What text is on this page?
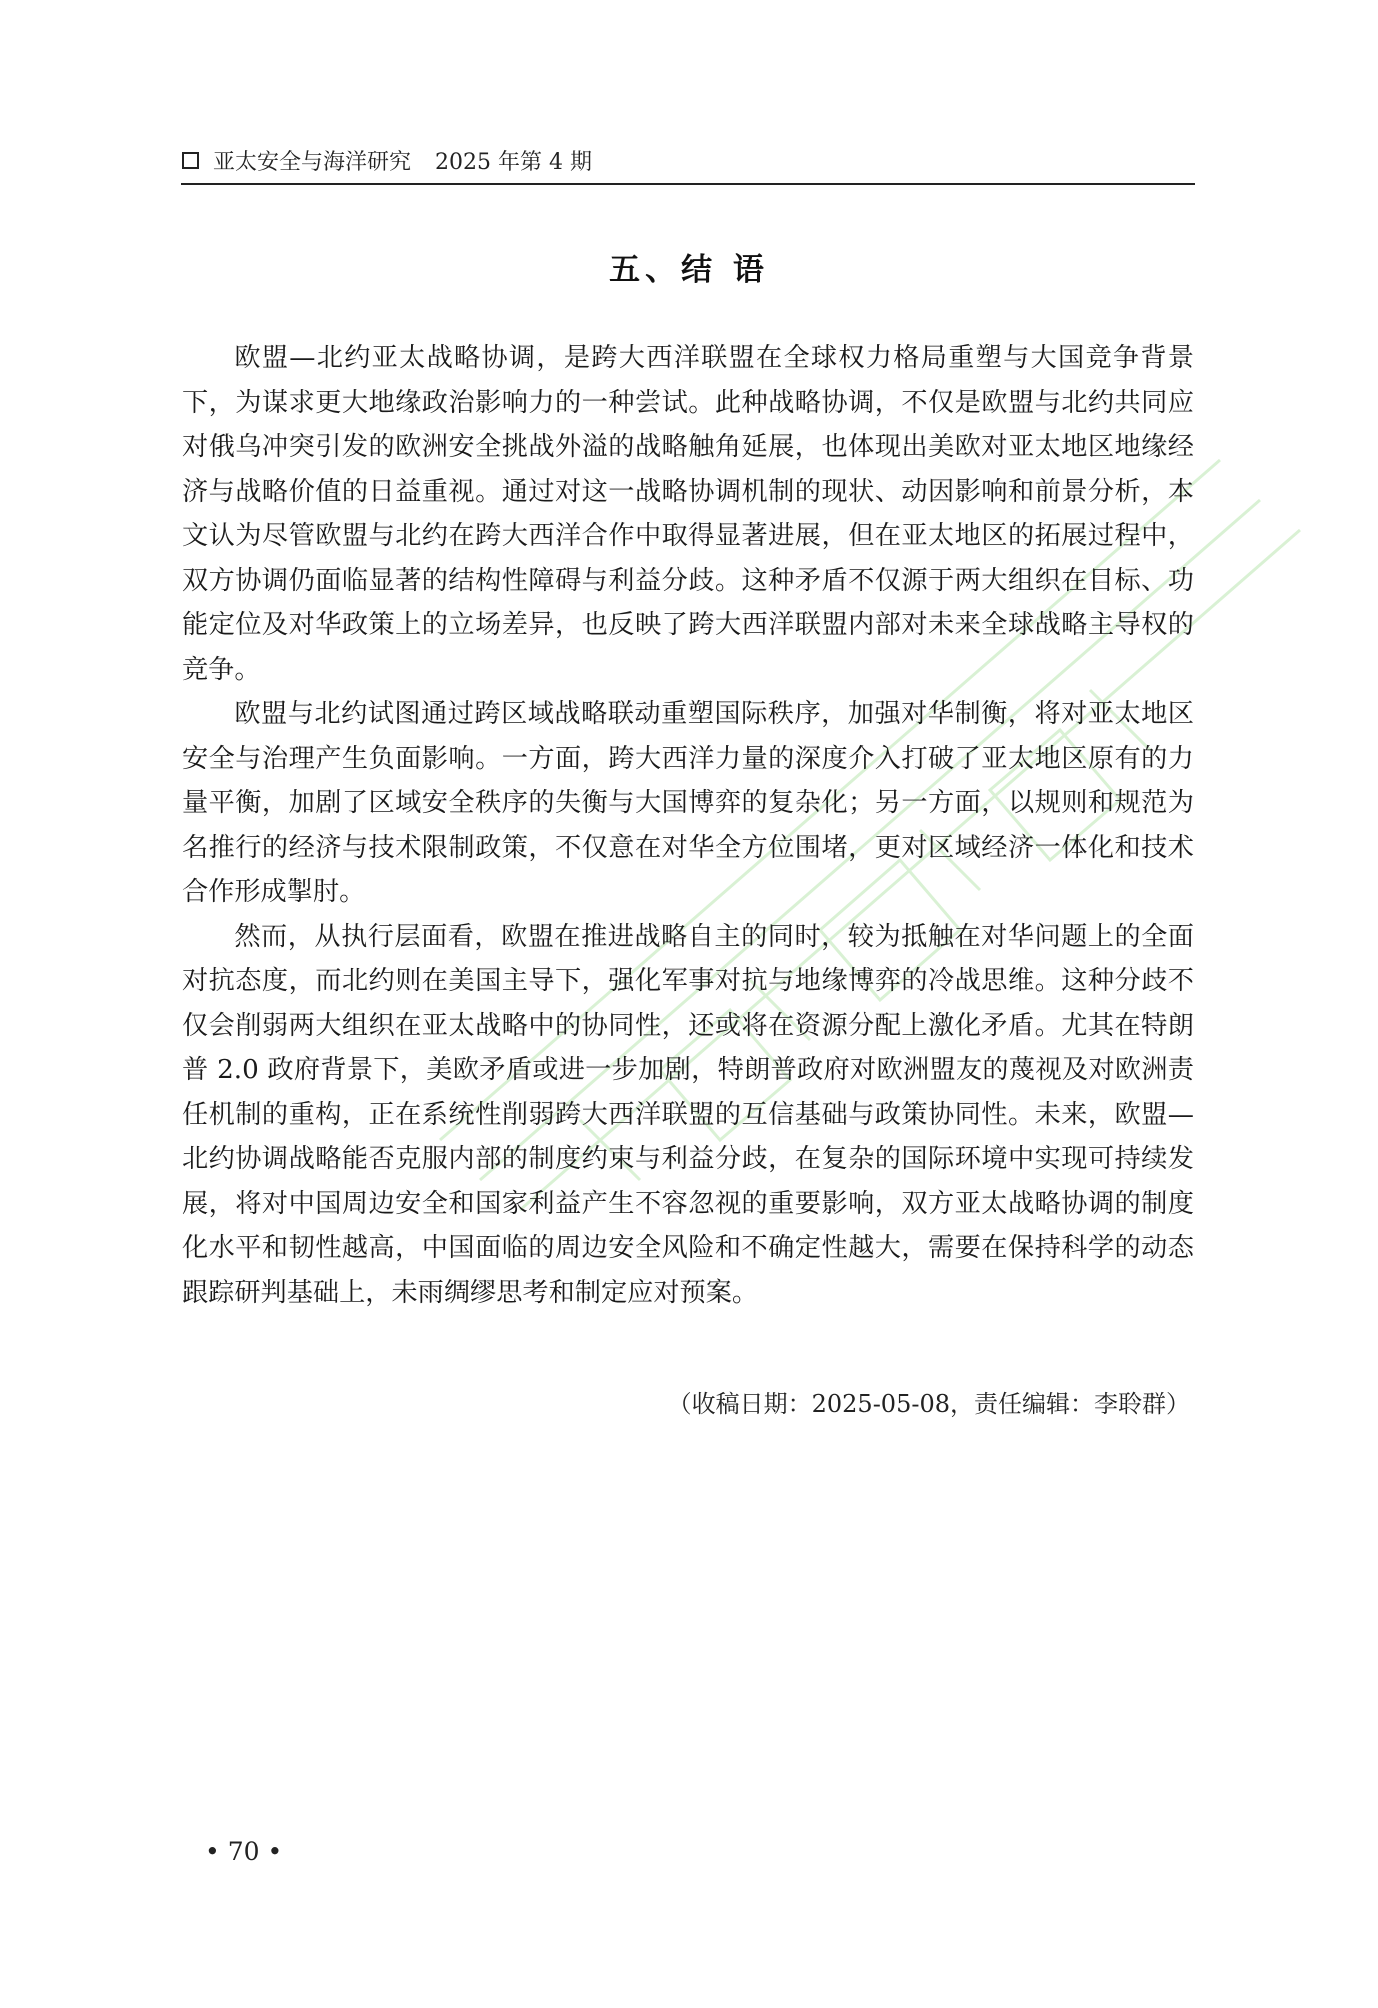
亚太安全与海洋研究 2025 年第 4 期
五、结 语

欧盟—北约亚太战略协调，是跨大西洋联盟在全球权力格局重塑与大国竞争背景下，为谋求更大地缘政治影响力的一种尝试。此种战略协调，不仅是欧盟与北约共同应对俄乌冲突引发的欧洲安全挑战外溢的战略触角延展，也体现出美欧对亚太地区地缘经济与战略价值的日益重视。通过对这一战略协调机制的现状、动因影响和前景分析，本文认为尽管欧盟与北约在跨大西洋合作中取得显著进展，但在亚太地区的拓展过程中，双方协调仍面临显著的结构性障碍与利益分歧。这种矛盾不仅源于两大组织在目标、功能定位及对华政策上的立场差异，也反映了跨大西洋联盟内部对未来全球战略主导权的竞争。

欧盟与北约试图通过跨区域战略联动重塑国际秩序，加强对华制衡，将对亚太地区安全与治理产生负面影响。一方面，跨大西洋力量的深度介入打破了亚太地区原有的力量平衡，加剧了区域安全秩序的失衡与大国博弈的复杂化；另一方面，以规则和规范为名推行的经济与技术限制政策，不仅意在对华全方位围堵，更对区域经济一体化和技术合作形成掣肘。

然而，从执行层面看，欧盟在推进战略自主的同时，较为抵触在对华问题上的全面对抗态度，而北约则在美国主导下，强化军事对抗与地缘博弈的冷战思维。这种分歧不仅会削弱两大组织在亚太战略中的协同性，还或将在资源分配上激化矛盾。尤其在特朗普 2.0 政府背景下，美欧矛盾或进一步加剧，特朗普政府对欧洲盟友的蔑视及对欧洲责任机制的重构，正在系统性削弱跨大西洋联盟的互信基础与政策协同性。未来，欧盟—北约协调战略能否克服内部的制度约束与利益分歧，在复杂的国际环境中实现可持续发展，将对中国周边安全和国家利益产生不容忽视的重要影响，双方亚太战略协调的制度化水平和韧性越高，中国面临的周边安全风险和不确定性越大，需要在保持科学的动态跟踪研判基础上，未雨绸缪思考和制定应对预案。

（收稿日期：2025-05-08，责任编辑：李聆群）
• 70 •
